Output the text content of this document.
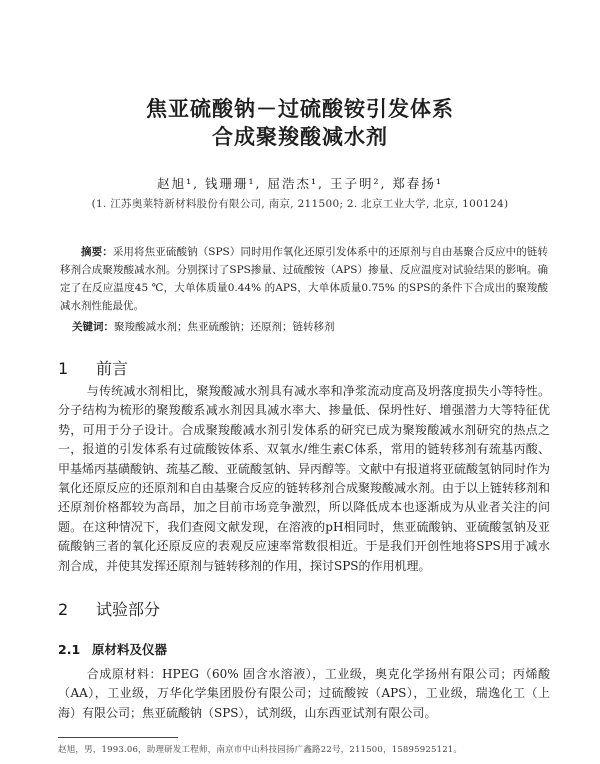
焦亚硫酸钠－过硫酸铵引发体系
合成聚羧酸减水剂
赵旭¹, 钱珊珊¹, 屈浩杰¹, 王子明², 郑春扬¹
(1. 江苏奥莱特新材料股份有限公司, 南京, 211500; 2. 北京工业大学, 北京, 100124)
摘要：采用将焦亚硫酸钠（SPS）同时用作氧化还原引发体系中的还原剂与自由基聚合反应中的链转移剂合成聚羧酸减水剂。分别探讨了SPS掺量、过硫酸铵（APS）掺量、反应温度对试验结果的影响。确定了在反应温度45 ℃，大单体质量0.44% 的APS，大单体质量0.75% 的SPS的条件下合成出的聚羧酸减水剂性能最优。
关键词：聚羧酸减水剂；焦亚硫酸钠；还原剂；链转移剂
1 前言
与传统减水剂相比，聚羧酸减水剂具有减水率和净浆流动度高及坍落度损失小等特性。分子结构为梳形的聚羧酸系减水剂因具减水率大、掺量低、保坍性好、增强潜力大等特征优势，可用于分子设计。合成聚羧酸减水剂引发体系的研究已成为聚羧酸减水剂研究的热点之一，报道的引发体系有过硫酸铵体系、双氧水/维生素C体系，常用的链转移剂有巯基丙酸、甲基烯丙基磺酸钠、巯基乙酸、亚硫酸氢钠、异丙醇等。文献中有报道将亚硫酸氢钠同时作为氧化还原反应的还原剂和自由基聚合反应的链转移剂合成聚羧酸减水剂。由于以上链转移剂和还原剂价格都较为高昂，加之目前市场竞争激烈，所以降低成本也逐渐成为从业者关注的问题。在这种情况下，我们查阅文献发现，在溶液的pH相同时，焦亚硫酸钠、亚硫酸氢钠及亚硫酸钠三者的氧化还原反应的表观反应速率常数很相近。于是我们开创性地将SPS用于减水剂合成，并使其发挥还原剂与链转移剂的作用，探讨SPS的作用机理。
2 试验部分
2.1 原材料及仪器
合成原材料：HPEG（60% 固含水溶液），工业级，奥克化学扬州有限公司；丙烯酸（AA），工业级，万华化学集团股份有限公司；过硫酸铵（APS），工业级，瑞逸化工（上海）有限公司；焦亚硫酸钠（SPS），试剂级，山东西亚试剂有限公司。
赵旭，男，1993.06，助理研发工程师，南京市中山科技园扬广鑫路22号，211500，15895925121。
